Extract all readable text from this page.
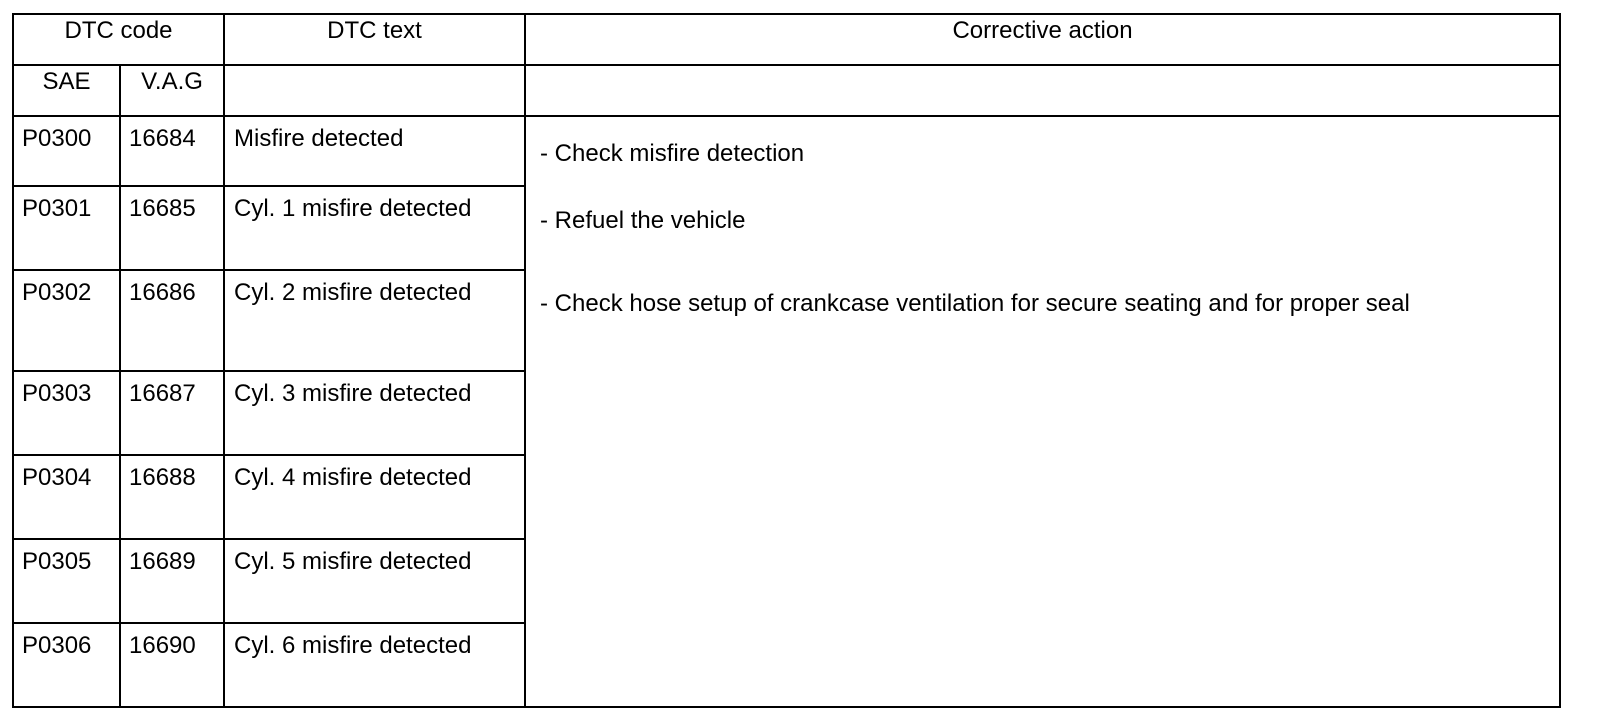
DTC code		DTC text	Corrective action
SAE	V.A.G		
P0300	16684	Misfire detected	- Check misfire detection

- Refuel the vehicle

- Check hose setup of crankcase ventilation for secure seating and for proper seal

P0301	16685	Cyl. 1 misfire detected	
P0302	16686	Cyl. 2 misfire detected	
P0303	16687	Cyl. 3 misfire detected	
P0304	16688	Cyl. 4 misfire detected	
P0305	16689	Cyl. 5 misfire detected	
P0306	16690	Cyl. 6 misfire detected	
